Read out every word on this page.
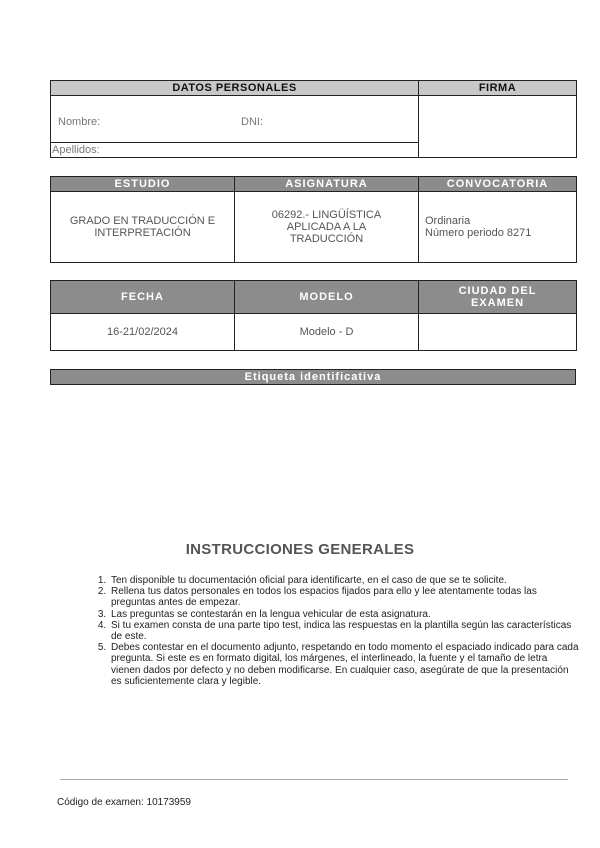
DATOS PERSONALES	FIRMA

Nombre: DNI:	

Apellidos:	
ESTUDIO	ASIGNATURA	CONVOCATORIA
GRADO EN TRADUCCIÓN E INTERPRETACIÓN	06292.- LINGÜÍSTICA APLICADA A LA TRADUCCIÓN	Ordinaria
Número periodo 8271
FECHA	MODELO	CIUDAD DEL EXAMEN
16-21/02/2024	Modelo - D	
Etiqueta identificativa
INSTRUCCIONES GENERALES
1. Ten disponible tu documentación oficial para identificarte, en el caso de que se te solicite.
2. Rellena tus datos personales en todos los espacios fijados para ello y lee atentamente todas las preguntas antes de empezar.
3. Las preguntas se contestarán en la lengua vehicular de esta asignatura.
4. Si tu examen consta de una parte tipo test, indica las respuestas en la plantilla según las características de este.
5. Debes contestar en el documento adjunto, respetando en todo momento el espaciado indicado para cada pregunta. Si este es en formato digital, los márgenes, el interlineado, la fuente y el tamaño de letra vienen dados por defecto y no deben modificarse. En cualquier caso, asegúrate de que la presentación es suficientemente clara y legible.
Código de examen: 10173959
